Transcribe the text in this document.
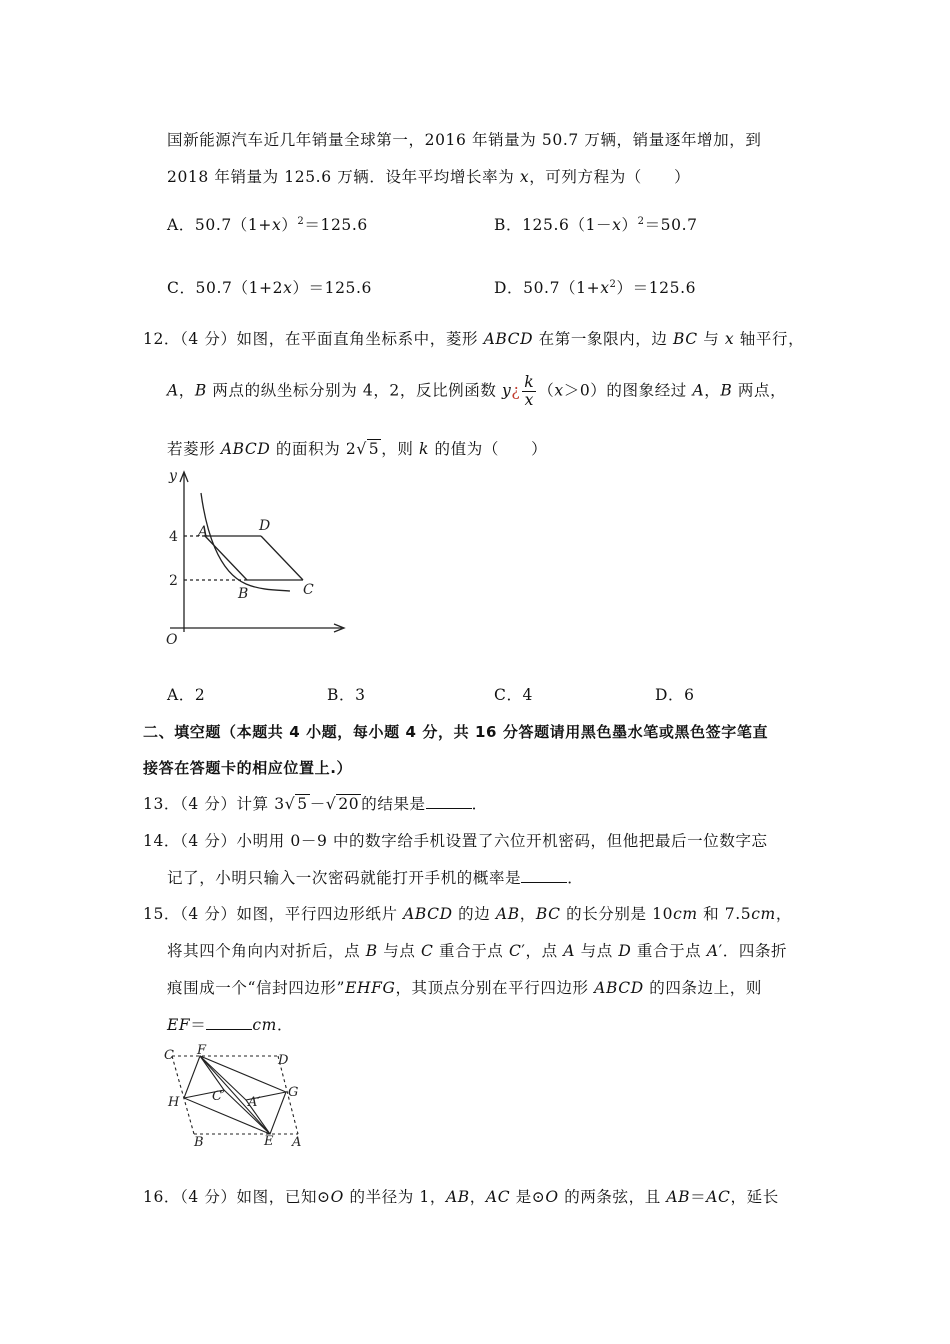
国新能源汽车近几年销量全球第一，2016 年销量为 50.7 万辆，销量逐年增加，到
2018 年销量为 125.6 万辆．设年平均增长率为 x，可列方程为（　　）
A．$50.7(1+x)^2=125.6$	B．$125.6(1-x)^2=50.7$
C．50.7（1+2x）＝125.6	D．$50.7(1+x^2)=125.6$
12．（4 分）如图，在平面直角坐标系中，菱形 ABCD 在第一象限内，边 BC 与 x 轴平行，
A，B 两点的纵坐标分别为 4，2，反比例函数 y¿ $\frac{k}{x} (x>0)$的图象经过 A，B 两点，
若菱形 ABCD 的面积为 2√ 5 ，则 k 的值为（　　）
y
O
4
2
A	D
B	C
A．2	B．3	C．4	D．6
二、填空题（本题共 4 小题，每小题 4 分，共 16 分答题请用黑色墨水笔或黑色签字笔直
接答在答题卡的相应位置上.）
13．（4 分）计算 3√ 5 －√ 20 的结果是	．
14．（4 分）小明用 0－9 中的数字给手机设置了六位开机密码，但他把最后一位数字忘
记了，小明只输入一次密码就能打开手机的概率是	．
15．（4 分）如图，平行四边形纸片 ABCD 的边 AB，BC 的长分别是 10cm 和 7.5cm，
将其四个角向内对折后，点 B 与点 C 重合于点 C′，点 A 与点 D 重合于点 A′．四条折
痕围成一个“信封四边形”EHFG，其顶点分别在平行四边形 ABCD 的四条边上，则
EF＝	cm．
C F
D
H	C′ A′
G
B	E A
16．（4 分）如图，已知⊙O 的半径为 1，AB，AC 是⊙O 的两条弦，且 AB＝AC，延长
